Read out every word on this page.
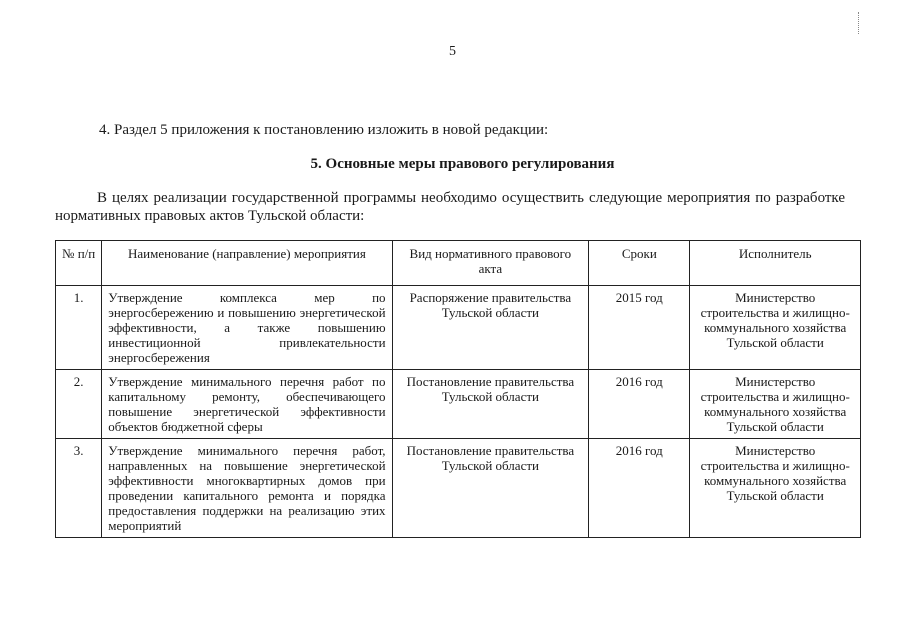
5
4. Раздел 5 приложения к постановлению изложить в новой редакции:
5. Основные меры правового регулирования
В целях реализации государственной программы необходимо осуществить следующие мероприятия по разработке нормативных правовых актов Тульской области:
№ п/п	Наименование (направление) мероприятия	Вид нормативного правового акта	Сроки	Исполнитель
1.	Утверждение комплекса мер по энергосбережению и повышению энергетической эффективности, а также повышению инвестиционной привлекательности энергосбережения	Распоряжение правительства Тульской области	2015 год	Министерство строительства и жилищно-коммунального хозяйства Тульской области
2.	Утверждение минимального перечня работ по капитальному ремонту, обеспечивающего повышение энергетической эффективности объектов бюджетной сферы	Постановление правительства Тульской области	2016 год	Министерство строительства и жилищно-коммунального хозяйства Тульской области
3.	Утверждение минимального перечня работ, направленных на повышение энергетической эффективности многоквартирных домов при проведении капитального ремонта и порядка предоставления поддержки на реализацию этих мероприятий	Постановление правительства Тульской области	2016 год	Министерство строительства и жилищно-коммунального хозяйства Тульской области
